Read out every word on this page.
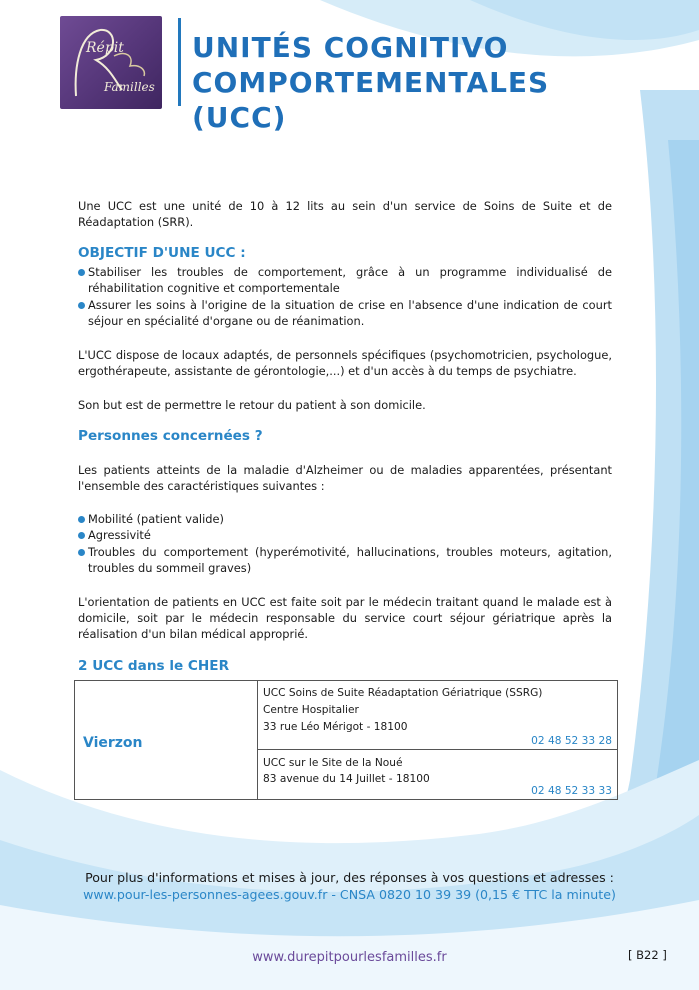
Répit
Familles
UNITÉS COGNITIVO
COMPORTEMENTALES (UCC)
Une UCC est une unité de 10 à 12 lits au sein d'un service de Soins de Suite et de Réadaptation (SRR).
OBJECTIF D'UNE UCC :
Stabiliser les troubles de comportement, grâce à un programme individualisé de réhabilitation cognitive et comportementale
Assurer les soins à l'origine de la situation de crise en l'absence d'une indication de court séjour en spécialité d'organe ou de réanimation.
L'UCC dispose de locaux adaptés, de personnels spécifiques (psychomotricien, psychologue, ergothérapeute, assistante de gérontologie,...) et d'un accès à du temps de psychiatre.
Son but est de permettre le retour du patient à son domicile.
Personnes concernées ?
Les patients atteints de la maladie d'Alzheimer ou de maladies apparentées, présentant l'ensemble des caractéristiques suivantes :
Mobilité (patient valide)
Agressivité
Troubles du comportement (hyperémotivité, hallucinations, troubles moteurs, agitation, troubles du sommeil graves)
L'orientation de patients en UCC est faite soit par le médecin traitant quand le malade est à domicile, soit par le médecin responsable du service court séjour gériatrique après la réalisation d'un bilan médical approprié.
2 UCC dans le CHER
Vierzon
UCC Soins de Suite Réadaptation Gériatrique (SSRG)
Centre Hospitalier
33 rue Léo Mérigot - 18100
02 48 52 33 28
UCC sur le Site de la Noué
83 avenue du 14 Juillet - 18100
02 48 52 33 33
Pour plus d'informations et mises à jour, des réponses à vos questions et adresses :
www.pour-les-personnes-agees.gouv.fr - CNSA 0820 10 39 39 (0,15 € TTC la minute)
www.durepitpourlesfamilles.fr	[ B22 ]
